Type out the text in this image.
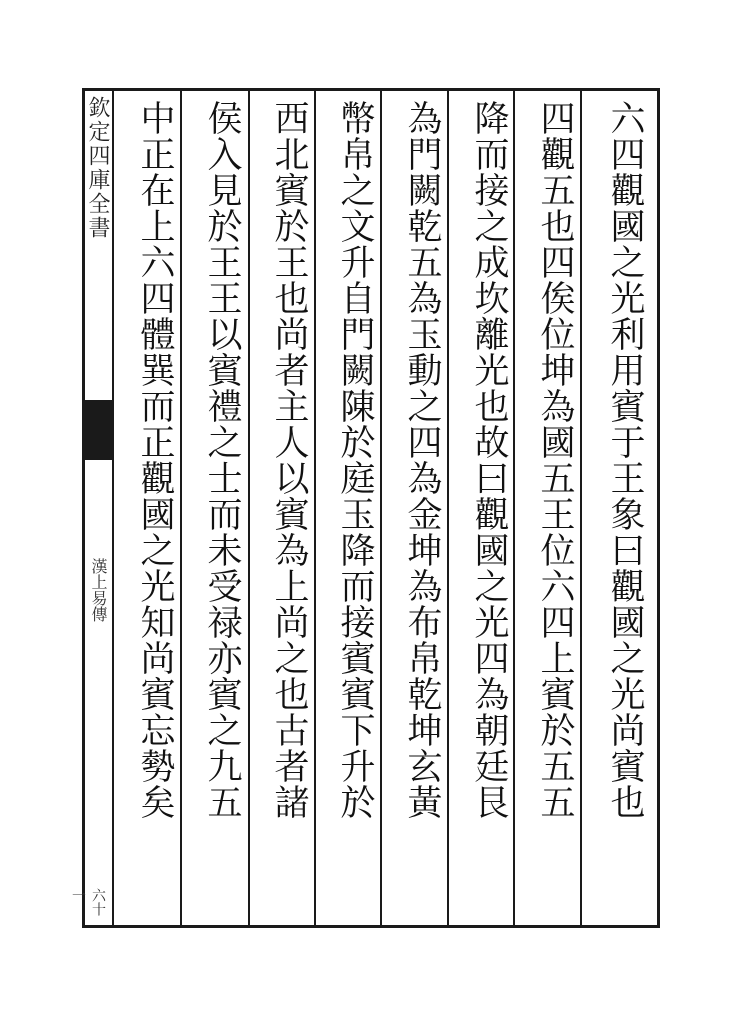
欽定四庫全書
漢上易傳
六十一
六四觀國之光利用賓于王象曰觀國之光尚賓也
四觀五也四俟位坤為國五王位六四上賓於五五
降而接之成坎離光也故曰觀國之光四為朝廷艮
為門闕乾五為玉動之四為金坤為布帛乾坤玄黃
幣帛之文升自門闕陳於庭玉降而接賓賓下升於
西北賓於王也尚者主人以賓為上尚之也古者諸
侯入見於王王以賓禮之士而未受禄亦賓之九五
中正在上六四體巽而正觀國之光知尚賓忘勢矣
